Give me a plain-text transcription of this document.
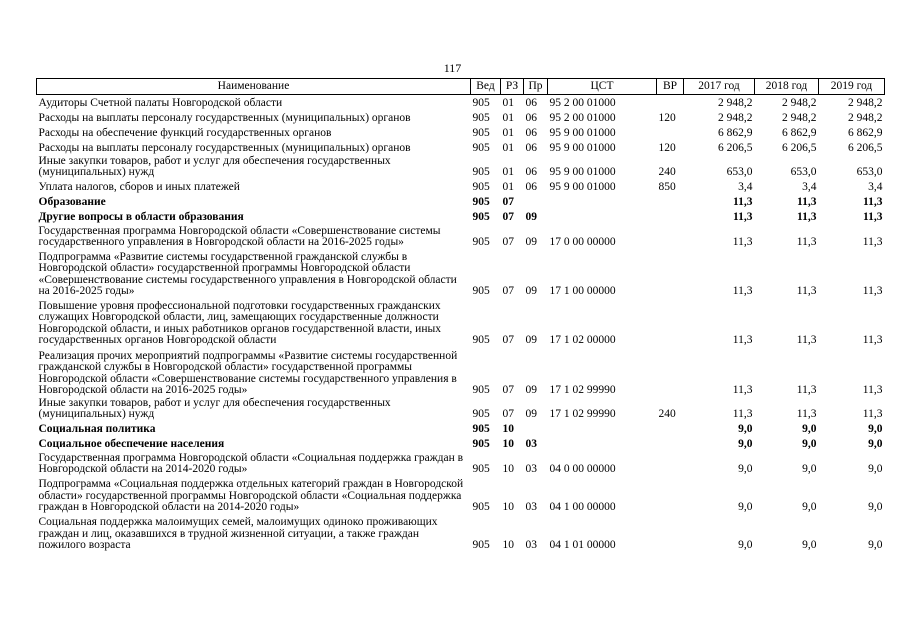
117
Наименование	Вед	РЗ	Пр	ЦСТ	ВР	2017 год	2018 год	2019 год
Аудиторы Счетной палаты Новгородской области	905	01	06	95 2 00 01000		2 948,2	2 948,2	2 948,2
Расходы на выплаты персоналу государственных (муниципальных) органов	905	01	06	95 2 00 01000	120	2 948,2	2 948,2	2 948,2
Расходы на обеспечение функций государственных органов	905	01	06	95 9 00 01000		6 862,9	6 862,9	6 862,9
Расходы на выплаты персоналу государственных (муниципальных) органов	905	01	06	95 9 00 01000	120	6 206,5	6 206,5	6 206,5
Иные закупки товаров, работ и услуг для обеспечения государственных (муниципальных) нужд	905	01	06	95 9 00 01000	240	653,0	653,0	653,0
Уплата налогов, сборов и иных платежей	905	01	06	95 9 00 01000	850	3,4	3,4	3,4
Образование	905	07				11,3	11,3	11,3
Другие вопросы в области образования	905	07	09			11,3	11,3	11,3
Государственная программа Новгородской области «Совершенствование системы государственного управления в Новгородской области на 2016-2025 годы»	905	07	09	17 0 00 00000		11,3	11,3	11,3
Подпрограмма «Развитие системы государственной гражданской службы в Новгородской области» государственной программы Новгородской области «Совершенствование системы государственного управления в Новгородской области на 2016-2025 годы»	905	07	09	17 1 00 00000		11,3	11,3	11,3
Повышение уровня профессиональной подготовки государственных гражданских служащих Новгородской области, лиц, замещающих государственные должности Новгородской области, и иных работников органов государственной власти, иных государственных органов Новгородской области	905	07	09	17 1 02 00000		11,3	11,3	11,3
Реализация прочих мероприятий подпрограммы «Развитие системы государственной гражданской службы в Новгородской области» государственной программы Новгородской области «Совершенствование системы государственного управления в Новгородской области на 2016-2025 годы»	905	07	09	17 1 02 99990		11,3	11,3	11,3
Иные закупки товаров, работ и услуг для обеспечения государственных (муниципальных) нужд	905	07	09	17 1 02 99990	240	11,3	11,3	11,3
Социальная политика	905	10				9,0	9,0	9,0
Социальное обеспечение населения	905	10	03			9,0	9,0	9,0
Государственная программа Новгородской области «Социальная поддержка граждан в Новгородской области на 2014-2020 годы»	905	10	03	04 0 00 00000		9,0	9,0	9,0
Подпрограмма «Социальная поддержка отдельных категорий граждан в Новгородской области» государственной программы Новгородской области «Социальная поддержка граждан в Новгородской области на 2014-2020 годы»	905	10	03	04 1 00 00000		9,0	9,0	9,0
Социальная поддержка малоимущих семей, малоимущих одиноко проживающих граждан и лиц, оказавшихся в трудной жизненной ситуации, а также граждан пожилого возраста	905	10	03	04 1 01 00000		9,0	9,0	9,0
